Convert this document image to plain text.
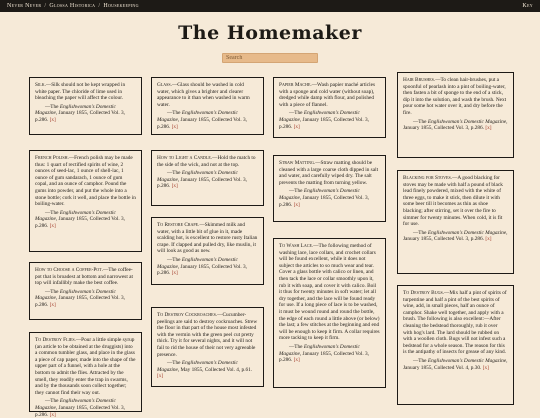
Never Never / Glossa Historica / Housekeeping	Key
The Homemaker
Search
Silk.—Silk should not be kept wrapped in white paper. The chloride of lime used in bleaching the paper will affect the colour.
—The Englishwoman's Domestic Magazine, January 1855, Collected Vol. 3, p.286. [x]
French Polish.—French polish may be made thus: 1 quart of rectified spirits of wine, 2 ounces of seed-lac, 1 ounce of shell-lac, 1 ounce of gum sandarach, 1 ounce of gum copal, and an ounce of camphor. Pound the gums into powder, and put the whole into a stone bottle; cork it well, and place the bottle in boiling-water.
—The Englishwoman's Domestic Magazine, January 1855, Collected Vol. 3, p.286. [x]
How to Choose a Coffee-Pot.—The coffee-pot that is broadest at bottom and narrowest at top will infallibly make the best coffee.
—The Englishwoman's Domestic Magazine, January 1855, Collected Vol. 3, p.286. [x]
To Destroy Flies.—Pour a little simple syrup (an article to be obtained at the druggists) into a common tumbler glass, and place in the glass a piece of cap paper, made into the shape of the upper part of a funnel, with a hole at the bottom to admit the flies. Attracted by the smell, they readily enter the trap in swarms, and by the thousands soon collect together; they cannot find their way out.
—The Englishwoman's Domestic Magazine, January 1855, Collected Vol. 3, p.286. [x]
Glass.—Glass should be washed in cold water, which gives a brighter and clearer appearance to it than when washed in warm water.
—The Englishwoman's Domestic Magazine, January 1855, Collected Vol. 3, p.286. [x]
How to Light a Candle.—Hold the match to the side of the wick, and not at the top.
—The Englishwoman's Domestic Magazine, January 1855, Collected Vol. 3, p.286. [x]
To Restore Crape.—Skimmed milk and water, with a little bit of glue in it, made scalding hot, is excellent to restore rusty Italian crape. If clapped and pulled dry, like muslin, it will look as good as new.
—The Englishwoman's Domestic Magazine, January 1855, Collected Vol. 3, p.286. [x]
To Destroy Cockroaches.—Cucumber-peelings are said to destroy cockroaches. Strew the floor in that part of the house most infested with the vermin with the green peel cut pretty thick. Try it for several nights, and it will not fail to rid the house of their not very agreeable presence.
—The Englishwoman's Domestic Magazine, May 1855, Collected Vol. 4, p.61. [x]
Papier Mache.—Wash papier maché articles with a sponge and cold water (without soap), dredged while damp with flour, and polished with a piece of flannel.
—The Englishwoman's Domestic Magazine, January 1855, Collected Vol. 3, p.286. [x]
Straw Matting.—Straw matting should be cleaned with a large coarse cloth dipped in salt and water, and carefully wiped dry. The salt prevents the matting from turning yellow.
—The Englishwoman's Domestic Magazine, January 1855, Collected Vol. 3, p.286. [x]
To Wash Lace.—The following method of washing lace, lace collars, and crochet collars will be found excellent, while it does not subject the articles to so much wear and tear. Cover a glass bottle with calico or linen, and then tack the lace or collar smoothly upon it, rub it with soap, and cover it with calico. Boil it thus for twenty minutes in soft water; let all dry together, and the lace will be found ready for use. If a long piece of lace is to be washed, it must be wound round and round the bottle, the edge of each round a little above (or below) the last; a few stitches at the beginning and end will be enough to keep it firm. A collar requires more tacking to keep it firm.
—The Englishwoman's Domestic Magazine, January 1855, Collected Vol. 3, p.286. [x]
Hair Brushes.—To clean hair-brushes, put a spoonful of pearlash into a pint of boiling-water, then fasten a bit of sponge to the end of a stick, dip it into the solution, and wash the brush. Next pour some hot water over it, and dry before the fire.
—The Englishwoman's Domestic Magazine, January 1855, Collected Vol. 3, p.286. [x]
Blacking for Stoves.—A good blacking for stoves may be made with half a pound of black lead finely powdered, mixed with the white of three eggs, to make it stick, then dilute it with some beer till it becomes as thin as shoe blacking; after stirring, set it over the fire to simmer for twenty minutes. When cold, it is fit for use.
—The Englishwoman's Domestic Magazine, January 1855, Collected Vol. 3, p.286. [x]
To Destroy Bugs.—Mix half a pint of spirits of turpentine and half a pint of the best spirits of wine, add, in small pieces, half an ounce of camphor. Shake well together, and apply with a brush. The following is also excellent:—After cleaning the bedstead thoroughly, rub it over with hog's lard. The lard should be rubbed on with a woollen cloth. Bugs will not infest such a bedstead for a whole season. The reason for this is the antipathy of insects for grease of any kind.
—The Englishwoman's Domestic Magazine, January 1855, Collected Vol. 4, p.30. [x]
